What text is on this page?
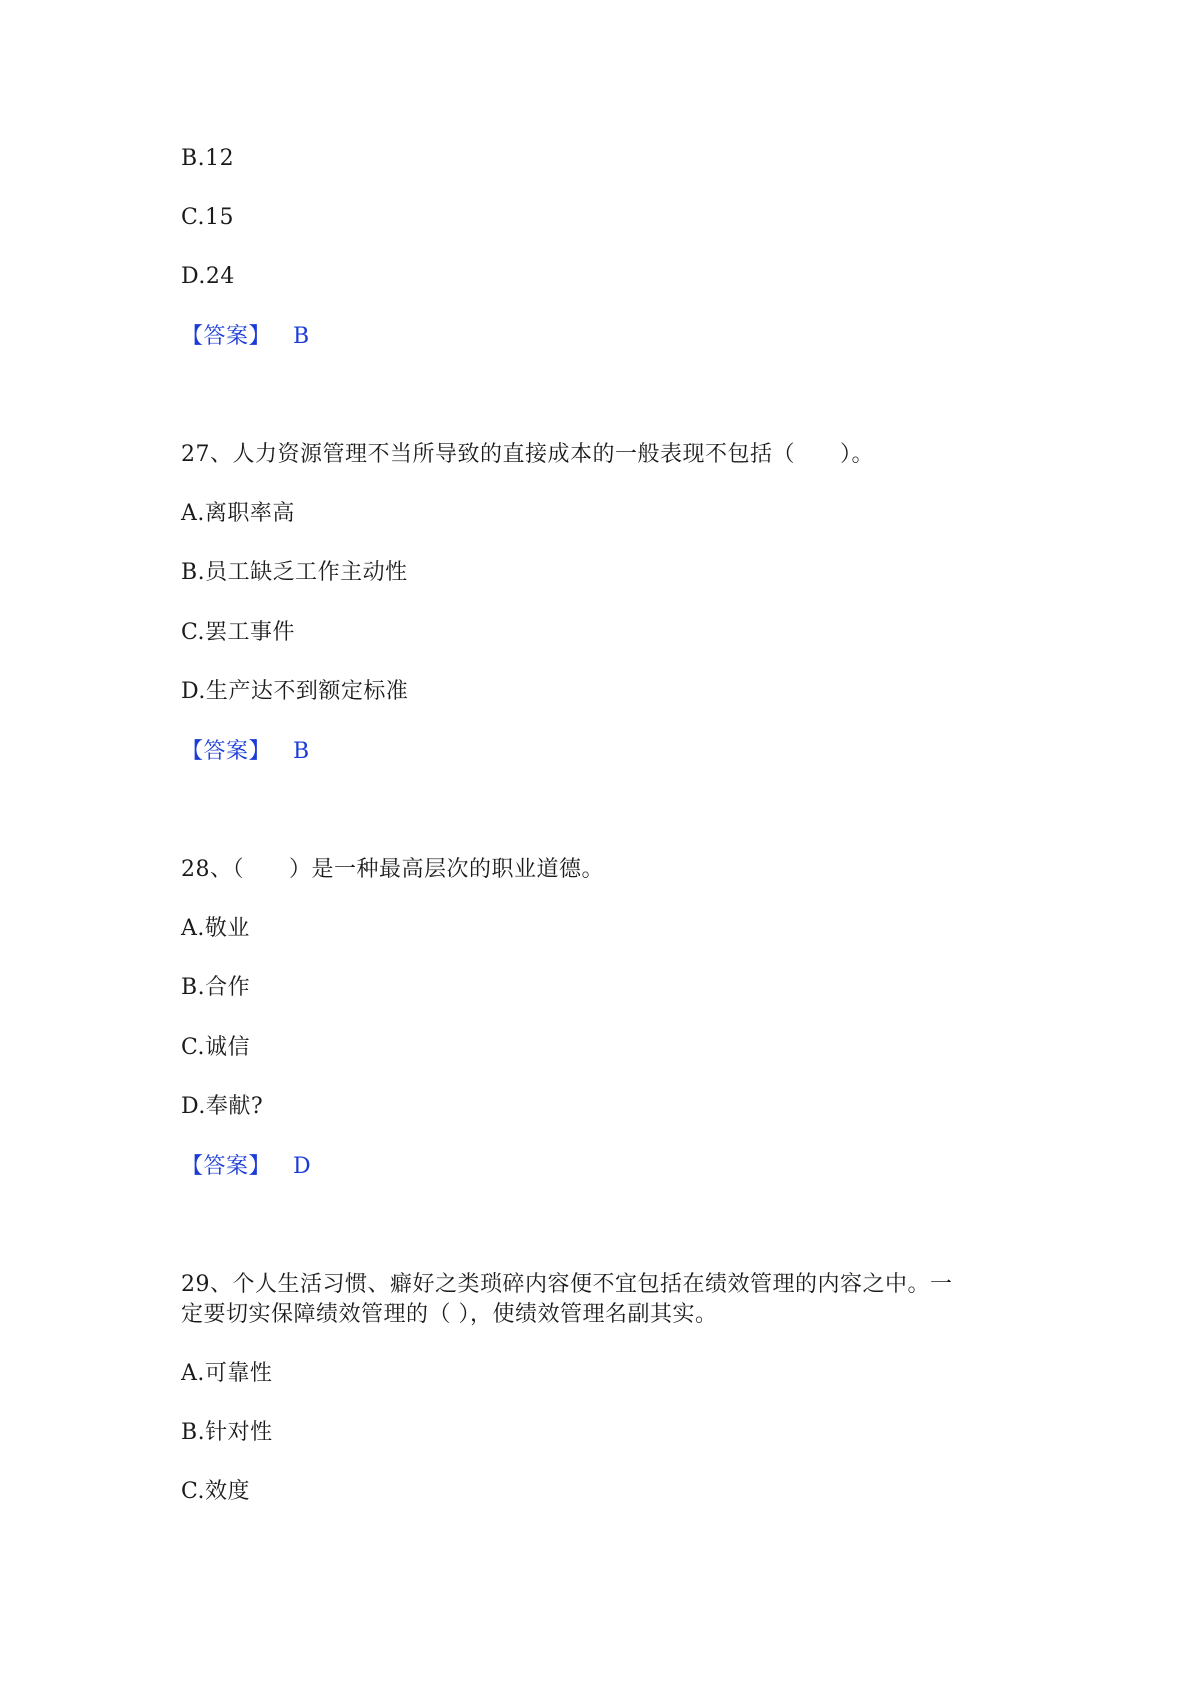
B.12
C.15
D.24
【答案】 B
27、人力资源管理不当所导致的直接成本的一般表现不包括（　　）。
A.离职率高
B.员工缺乏工作主动性
C.罢工事件
D.生产达不到额定标准
【答案】 B
28、（　　）是一种最高层次的职业道德。
A.敬业
B.合作
C.诚信
D.奉献?
【答案】 D
29、个人生活习惯、癖好之类琐碎内容便不宜包括在绩效管理的内容之中。一
定要切实保障绩效管理的（ ），使绩效管理名副其实。
A.可靠性
B.针对性
C.效度
